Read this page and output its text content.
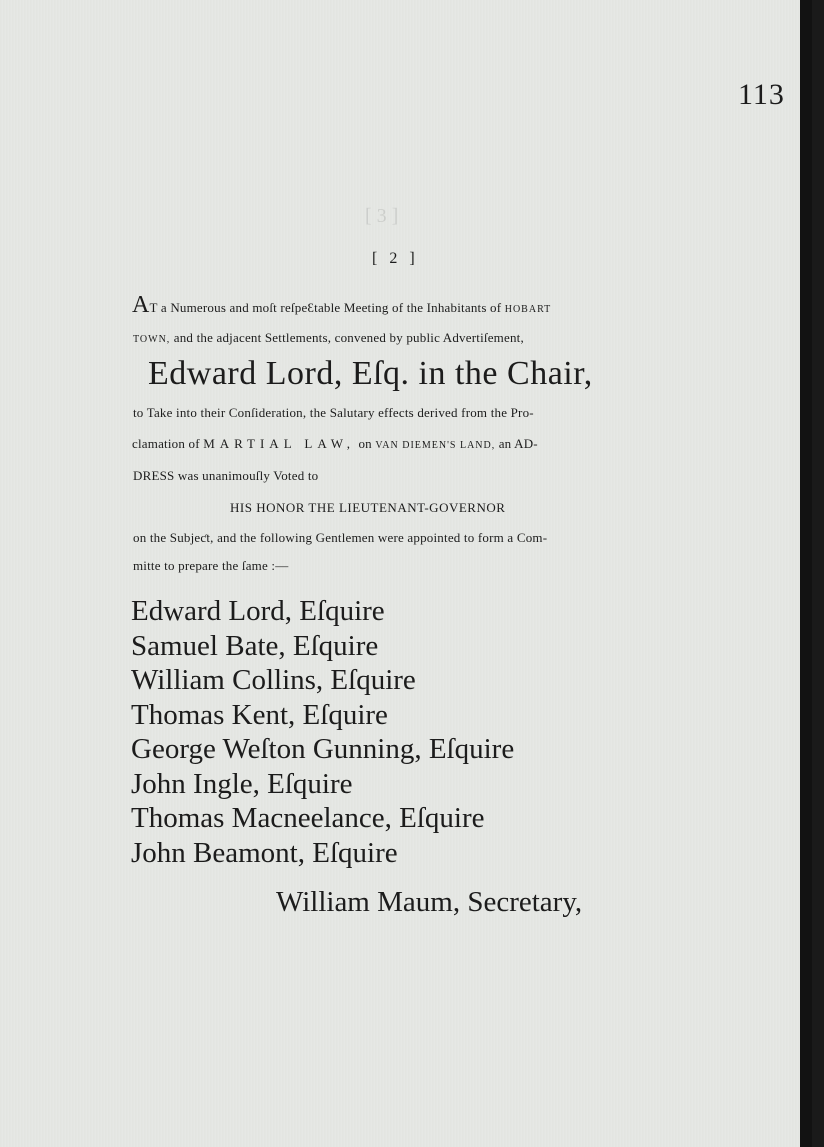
113
[ 3 ]
[ 2 ]
AT a Numerous and moſt reſpeƐtable Meeting of the Inhabitants of HOBART
TOWN, and the adjacent Settlements, convened by public Advertiſement,
Edward Lord, Eſq. in the Chair,
to Take into their Conſideration, the Salutary effects derived from the Pro-
clamation of MARTIAL LAW, on VAN DIEMEN'S LAND, an AD-
DRESS was unanimouſly Voted to
HIS HONOR THE LIEUTENANT-GOVERNOR
on the Subjeƈt, and the following Gentlemen were appointed to form a Com-
mitte to prepare the ſame :—
Edward Lord, Eſquire
Samuel Bate, Eſquire
William Collins, Eſquire
Thomas Kent, Eſquire
George Weſton Gunning, Eſquire
John Ingle, Eſquire
Thomas Macneelance, Eſquire
John Beamont, Eſquire
William Maum, Secretary,
